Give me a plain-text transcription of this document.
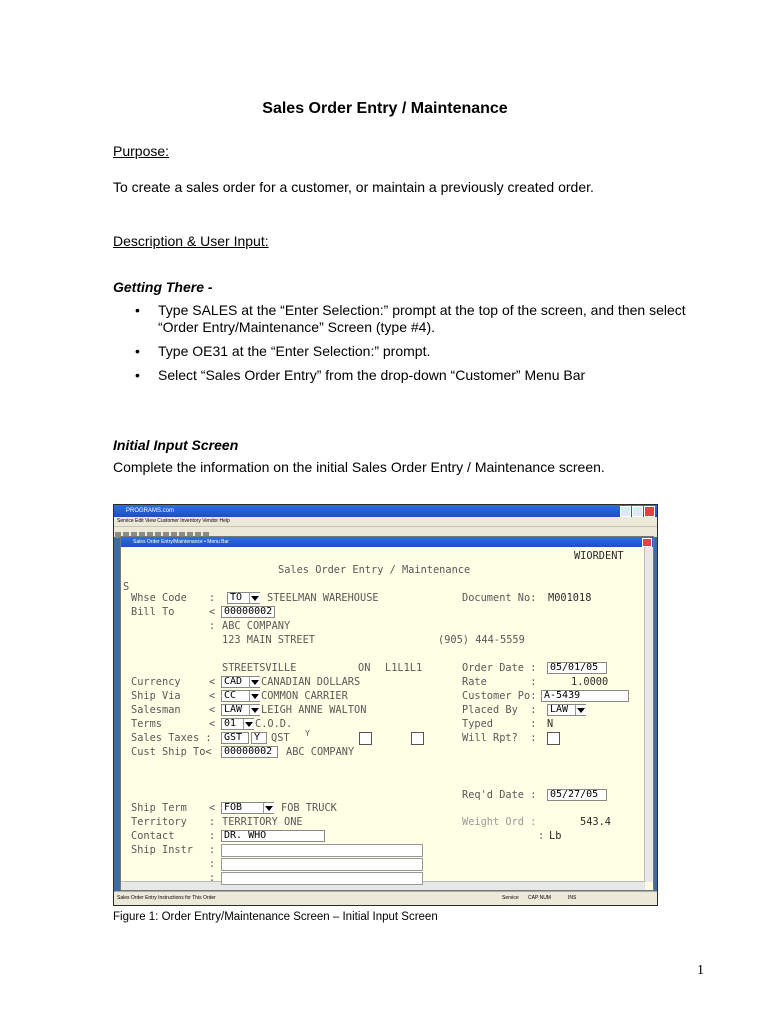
Sales Order Entry / Maintenance
Purpose:
To create a sales order for a customer, or maintain a previously created order.
Description & User Input:
Getting There -
• Type SALES at the “Enter Selection:” prompt at the top of the screen, and then select “Order Entry/Maintenance” Screen (type #4).
• Type OE31 at the “Enter Selection:” prompt.
• Select “Sales Order Entry” from the drop-down “Customer” Menu Bar
Initial Input Screen
Complete the information on the initial Sales Order Entry / Maintenance screen.
PROGRAMS.com
Service Edit View Customer Inventory Vendor Help
Sales Order Entry/Maintenance • Menu Bar
WIORDENT
Sales Order Entry / Maintenance
S
Whse Code :	TO	STEELMAN WAREHOUSE	Document No: M001018
Bill To	< 00000002
: ABC COMPANY
123 MAIN STREET	(905) 444-5559
STREETSVILLE	ON L1L1L1	Order Date :	05/01/05
Currency	< CAD	CANADIAN DOLLARS	Rate       :	1.0000
Ship Via	< CC	COMMON CARRIER	Customer Po: A-5439
Salesman	< LAW	LEIGH ANNE WALTON	Placed By  :	LAW
Terms	< 01	C.O.D.	Typed      : N
Sales Taxes :	GST	Y	QST Y	Will Rpt?  :
Cust Ship To<	00000002	ABC COMPANY
Req'd Date :	05/27/05
Ship Term < FOB	FOB TRUCK
Territory : TERRITORY ONE	Weight Ord :	543.4
Contact	: DR. WHO	: Lb
Ship Instr :
:
:
Sales Order Entry Instructions for This Order	Service CAP NUM	INS
Figure 1: Order Entry/Maintenance Screen – Initial Input Screen
1
